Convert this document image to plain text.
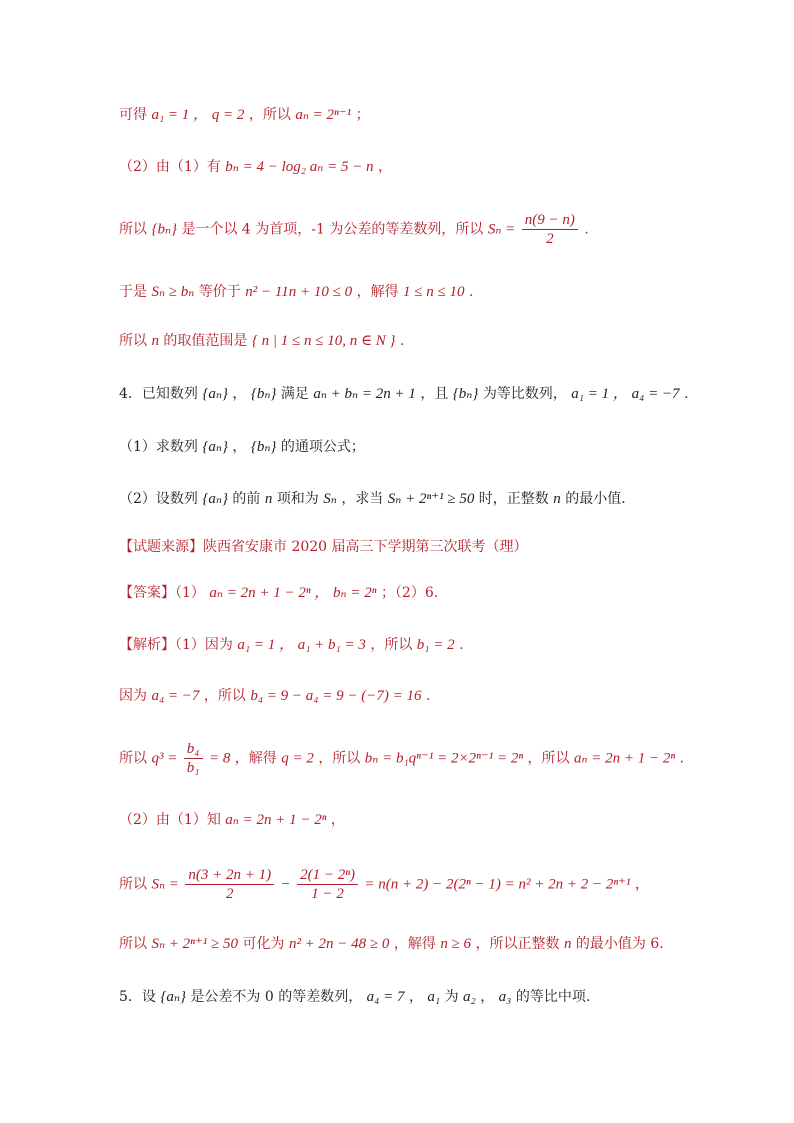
可得 a₁ = 1 ， q = 2 ，所以 aₙ = 2ⁿ⁻¹ ；
（2）由（1）有 bₙ = 4 − log₂ aₙ = 5 − n ，
所以 {bₙ} 是一个以 4 为首项，-1 为公差的等差数列，所以 $S_n = \frac{n(9 - n)}{2}$ .
于是 Sₙ ≥ bₙ 等价于 n² − 11n + 10 ≤ 0 ，解得 1 ≤ n ≤ 10 .
所以 n 的取值范围是 { n | 1 ≤ n ≤ 10, n ∈ N } .
4．已知数列 {aₙ} ， {bₙ} 满足 aₙ + bₙ = 2n + 1 ，且 {bₙ} 为等比数列， a₁ = 1 ， a₄ = −7 .
（1）求数列 {aₙ} ， {bₙ} 的通项公式；
（2）设数列 {aₙ} 的前 n 项和为 Sₙ ，求当 Sₙ + 2ⁿ⁺¹ ≥ 50 时，正整数 n 的最小值.
【试题来源】陕西省安康市 2020 届高三下学期第三次联考（理）
【答案】（1） aₙ = 2n + 1 − 2ⁿ ， bₙ = 2ⁿ ；（2）6.
【解析】（1）因为 a₁ = 1 ， a₁ + b₁ = 3 ，所以 b₁ = 2 .
因为 a₄ = −7 ，所以 b₄ = 9 − a₄ = 9 − (−7) = 16 .
所以 $q^3 = \frac{\text{b₄}}{\text{b₁}} = 8$ ，解得 q = 2 ，所以 bₙ = b₁qⁿ⁻¹ = 2×2ⁿ⁻¹ = 2ⁿ ，所以 aₙ = 2n + 1 − 2ⁿ .
（2）由（1）知 aₙ = 2n + 1 − 2ⁿ ，
所以 $S_n = \frac{n(3 + 2n + 1)}{2} - \frac{\text{2(1 − 2ⁿ)}}{1 - 2} = n(n + 2) - 2(2^n - 1) = n^2 + 2n + 2 - 2^{n+1}$ ，
所以 Sₙ + 2ⁿ⁺¹ ≥ 50 可化为 n² + 2n − 48 ≥ 0 ，解得 n ≥ 6 ，所以正整数 n 的最小值为 6.
5．设 {aₙ} 是公差不为 0 的等差数列， a₄ = 7 ， a₁ 为 a₂ ， a₃ 的等比中项.
